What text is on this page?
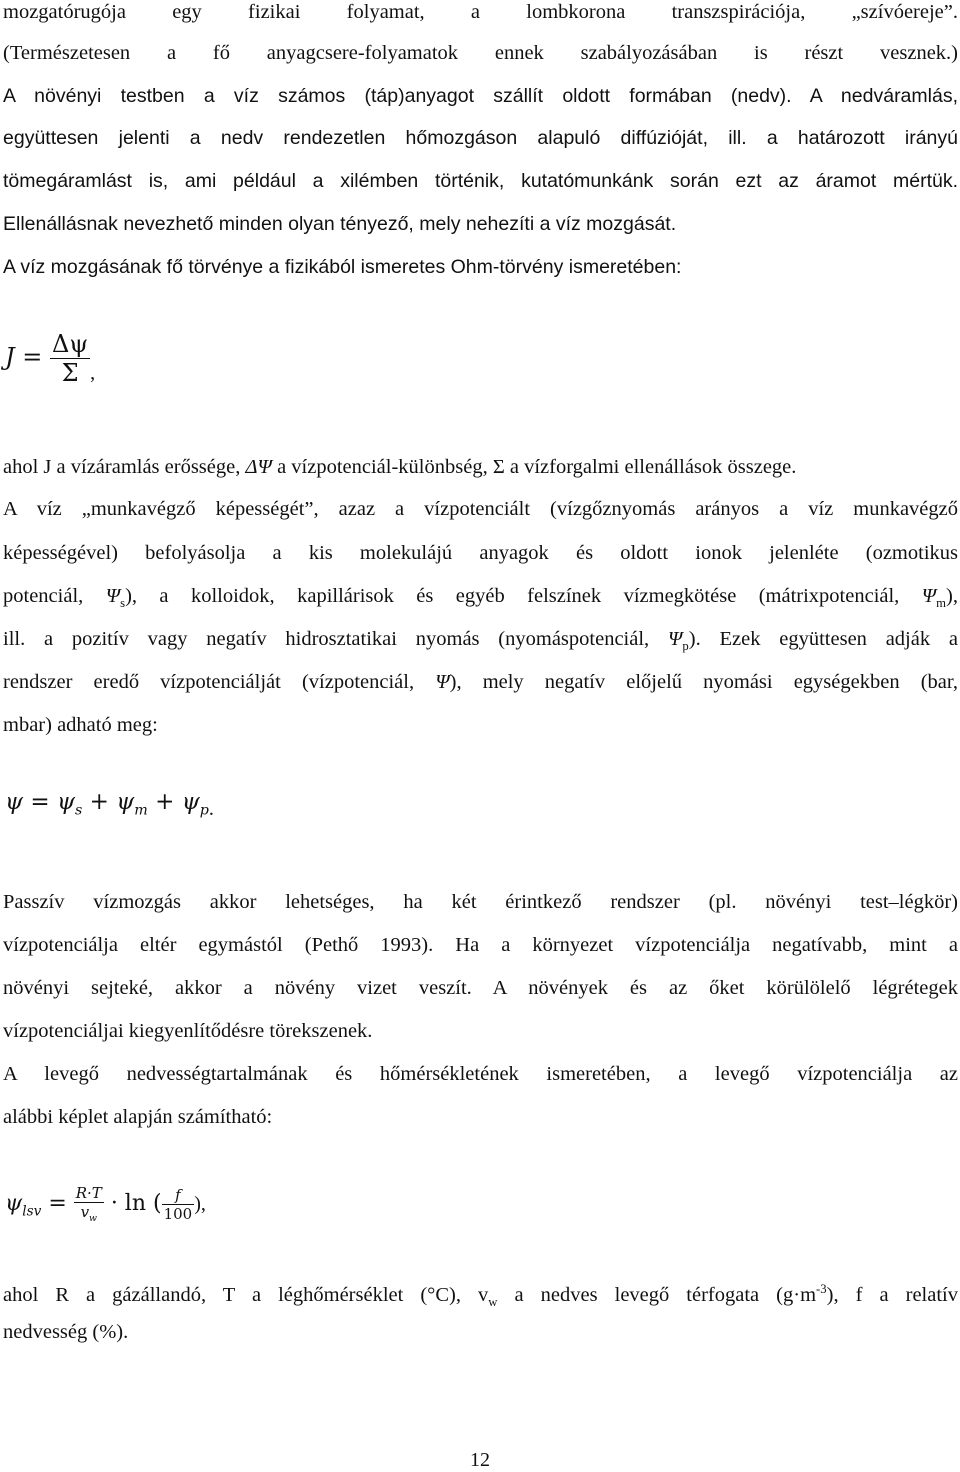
mozgatórugója egy fizikai folyamat, a lombkorona transzspirációja, „szívóereje”.
(Természetesen a fő anyagcsere-folyamatok ennek szabályozásában is részt vesznek.)
A növényi testben a víz számos (táp)anyagot szállít oldott formában (nedv). A nedváramlás,
együttesen jelenti a nedv rendezetlen hőmozgáson alapuló diffúzióját, ill. a határozott irányú
tömegáramlást is, ami például a xilémben történik, kutatómunkánk során ezt az áramot mértük.
Ellenállásnak nevezhető minden olyan tényező, mely nehezíti a víz mozgását.
A víz mozgásának fő törvénye a fizikából ismeretes Ohm-törvény ismeretében:
$J = \frac{\Delta\psi}{\Sigma} _,$
ahol J a vízáramlás erőssége, ΔΨ a vízpotenciál-különbség, Σ a vízforgalmi ellenállások összege.
A víz „munkavégző képességét”, azaz a vízpotenciált (vízgőznyomás arányos a víz munkavégző
képességével) befolyásolja a kis molekulájú anyagok és oldott ionok jelenléte (ozmotikus
potenciál, $\Psi_s$), a kolloidok, kapillárisok és egyéb felszínek vízmegkötése (mátrixpotenciál, $\Psi_m$),
ill. a pozitív vagy negatív hidrosztatikai nyomás (nyomáspotenciál, $\Psi_p$). Ezek együttesen adják a
rendszer eredő vízpotenciálját (vízpotenciál, Ψ), mely negatív előjelű nyomási egységekben (bar,
mbar) adható meg:
$\psi = \psi_s + \psi_m + \psi_p$.
Passzív vízmozgás akkor lehetséges, ha két érintkező rendszer (pl. növényi test–légkör)
vízpotenciálja eltér egymástól (Pethő 1993). Ha a környezet vízpotenciálja negatívabb, mint a
növényi sejteké, akkor a növény vizet veszít. A növények és az őket körülölelő légrétegek
vízpotenciáljai kiegyenlítődésre törekszenek.
A levegő nedvességtartalmának és hőmérsékletének ismeretében, a levegő vízpotenciálja az
alábbi képlet alapján számítható:
$\psi_{lsv} = \frac{R\cdot T}{v_w} \cdot \ln$ ( $\frac{f}{100}$ ),
ahol R a gázállandó, T a léghőmérséklet (°C), $v_w$ a nedves levegő térfogata $(g\cdot m^{-3})$, f a relatív
nedvesség (%).
12
